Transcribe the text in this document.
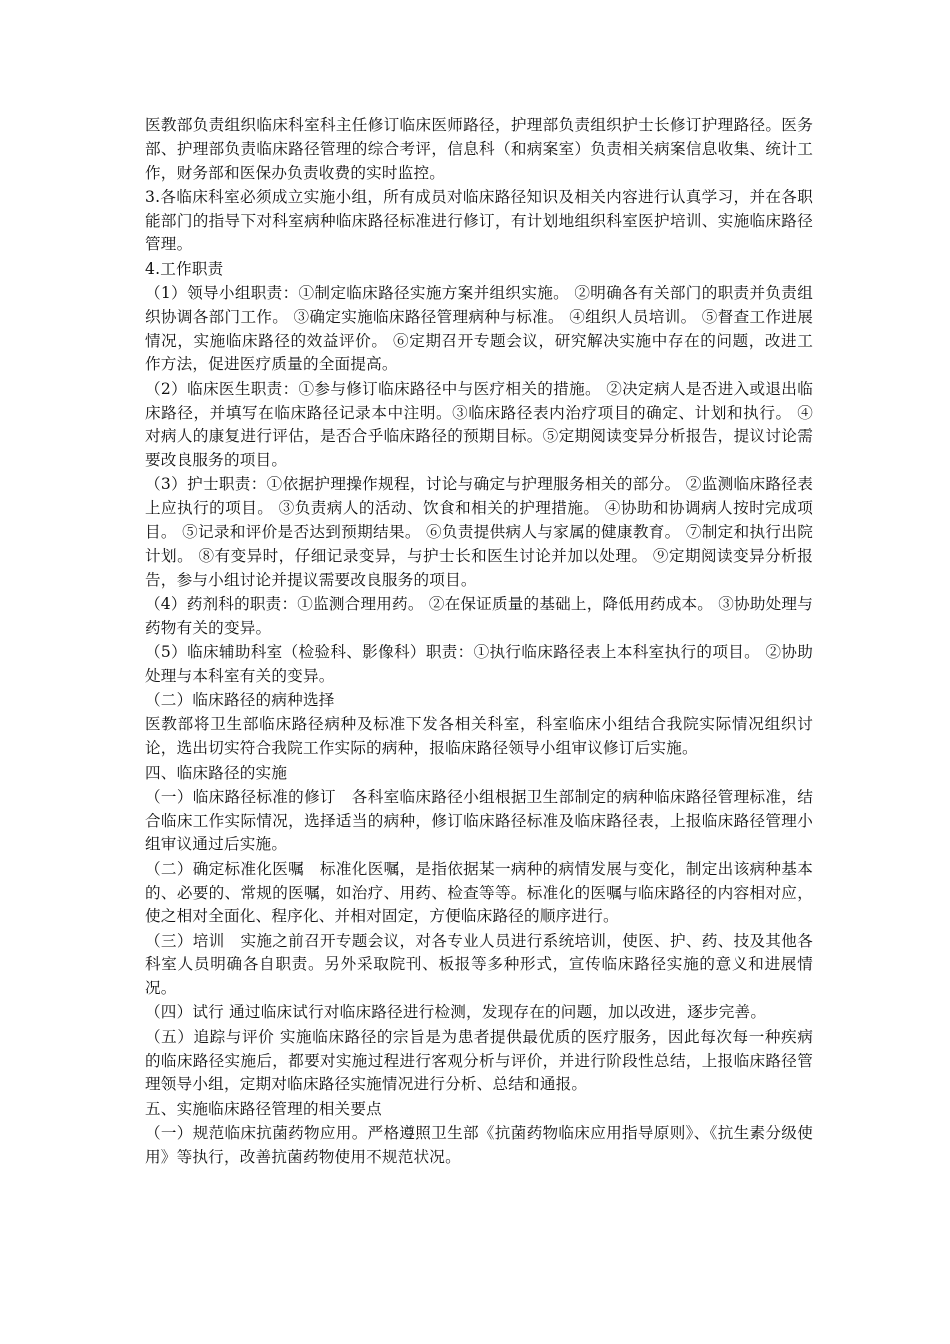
医教部负责组织临床科室科主任修订临床医师路径，护理部负责组织护士长修订护理路径。医务部、护理部负责临床路径管理的综合考评，信息科（和病案室）负责相关病案信息收集、统计工作，财务部和医保办负责收费的实时监控。

3.各临床科室必须成立实施小组，所有成员对临床路径知识及相关内容进行认真学习，并在各职能部门的指导下对科室病种临床路径标准进行修订，有计划地组织科室医护培训、实施临床路径管理。

4.工作职责

（1）领导小组职责：①制定临床路径实施方案并组织实施。 ②明确各有关部门的职责并负责组织协调各部门工作。 ③确定实施临床路径管理病种与标准。 ④组织人员培训。 ⑤督查工作进展情况，实施临床路径的效益评价。 ⑥定期召开专题会议，研究解决实施中存在的问题，改进工作方法，促进医疗质量的全面提高。

（2）临床医生职责：①参与修订临床路径中与医疗相关的措施。 ②决定病人是否进入或退出临床路径，并填写在临床路径记录本中注明。③临床路径表内治疗项目的确定、计划和执行。 ④对病人的康复进行评估，是否合乎临床路径的预期目标。⑤定期阅读变异分析报告，提议讨论需要改良服务的项目。

（3）护士职责：①依据护理操作规程，讨论与确定与护理服务相关的部分。 ②监测临床路径表上应执行的项目。 ③负责病人的活动、饮食和相关的护理措施。 ④协助和协调病人按时完成项目。 ⑤记录和评价是否达到预期结果。 ⑥负责提供病人与家属的健康教育。 ⑦制定和执行出院计划。 ⑧有变异时，仔细记录变异，与护士长和医生讨论并加以处理。 ⑨定期阅读变异分析报告，参与小组讨论并提议需要改良服务的项目。

（4）药剂科的职责：①监测合理用药。 ②在保证质量的基础上，降低用药成本。 ③协助处理与药物有关的变异。

（5）临床辅助科室（检验科、影像科）职责：①执行临床路径表上本科室执行的项目。 ②协助处理与本科室有关的变异。

（二）临床路径的病种选择

医教部将卫生部临床路径病种及标准下发各相关科室，科室临床小组结合我院实际情况组织讨论，选出切实符合我院工作实际的病种，报临床路径领导小组审议修订后实施。

四、临床路径的实施

（一）临床路径标准的修订　各科室临床路径小组根据卫生部制定的病种临床路径管理标准，结合临床工作实际情况，选择适当的病种，修订临床路径标准及临床路径表，上报临床路径管理小组审议通过后实施。

（二）确定标准化医嘱　标准化医嘱，是指依据某一病种的病情发展与变化，制定出该病种基本的、必要的、常规的医嘱，如治疗、用药、检查等等。标准化的医嘱与临床路径的内容相对应，使之相对全面化、程序化、并相对固定，方便临床路径的顺序进行。

（三）培训　实施之前召开专题会议，对各专业人员进行系统培训，使医、护、药、技及其他各科室人员明确各自职责。另外采取院刊、板报等多种形式，宣传临床路径实施的意义和进展情况。

（四）试行 通过临床试行对临床路径进行检测，发现存在的问题，加以改进，逐步完善。

（五）追踪与评价 实施临床路径的宗旨是为患者提供最优质的医疗服务，因此每次每一种疾病的临床路径实施后，都要对实施过程进行客观分析与评价，并进行阶段性总结，上报临床路径管理领导小组，定期对临床路径实施情况进行分析、总结和通报。

五、实施临床路径管理的相关要点

（一）规范临床抗菌药物应用。严格遵照卫生部《抗菌药物临床应用指导原则》、《抗生素分级使用》等执行，改善抗菌药物使用不规范状况。
